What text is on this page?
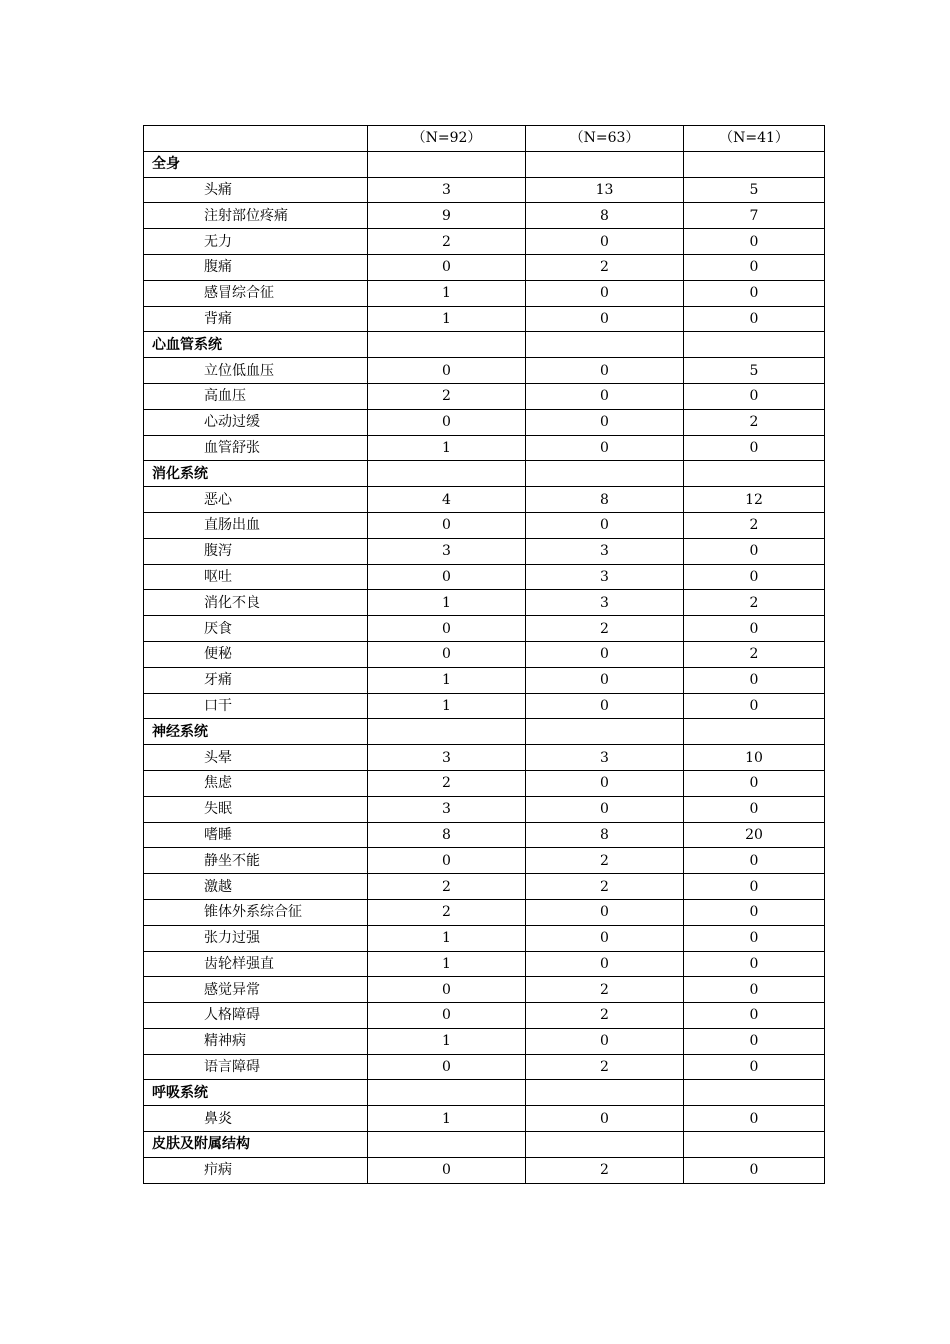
	（N=92）	（N=63）	（N=41）
全身			
头痛	3	13	5
注射部位疼痛	9	8	7
无力	2	0	0
腹痛	0	2	0
感冒综合征	1	0	0
背痛	1	0	0
心血管系统			
立位低血压	0	0	5
高血压	2	0	0
心动过缓	0	0	2
血管舒张	1	0	0
消化系统			
恶心	4	8	12
直肠出血	0	0	2
腹泻	3	3	0
呕吐	0	3	0
消化不良	1	3	2
厌食	0	2	0
便秘	0	0	2
牙痛	1	0	0
口干	1	0	0
神经系统			
头晕	3	3	10
焦虑	2	0	0
失眠	3	0	0
嗜睡	8	8	20
静坐不能	0	2	0
激越	2	2	0
锥体外系综合征	2	0	0
张力过强	1	0	0
齿轮样强直	1	0	0
感觉异常	0	2	0
人格障碍	0	2	0
精神病	1	0	0
语言障碍	0	2	0
呼吸系统			
鼻炎	1	0	0
皮肤及附属结构			
疖病	0	2	0
